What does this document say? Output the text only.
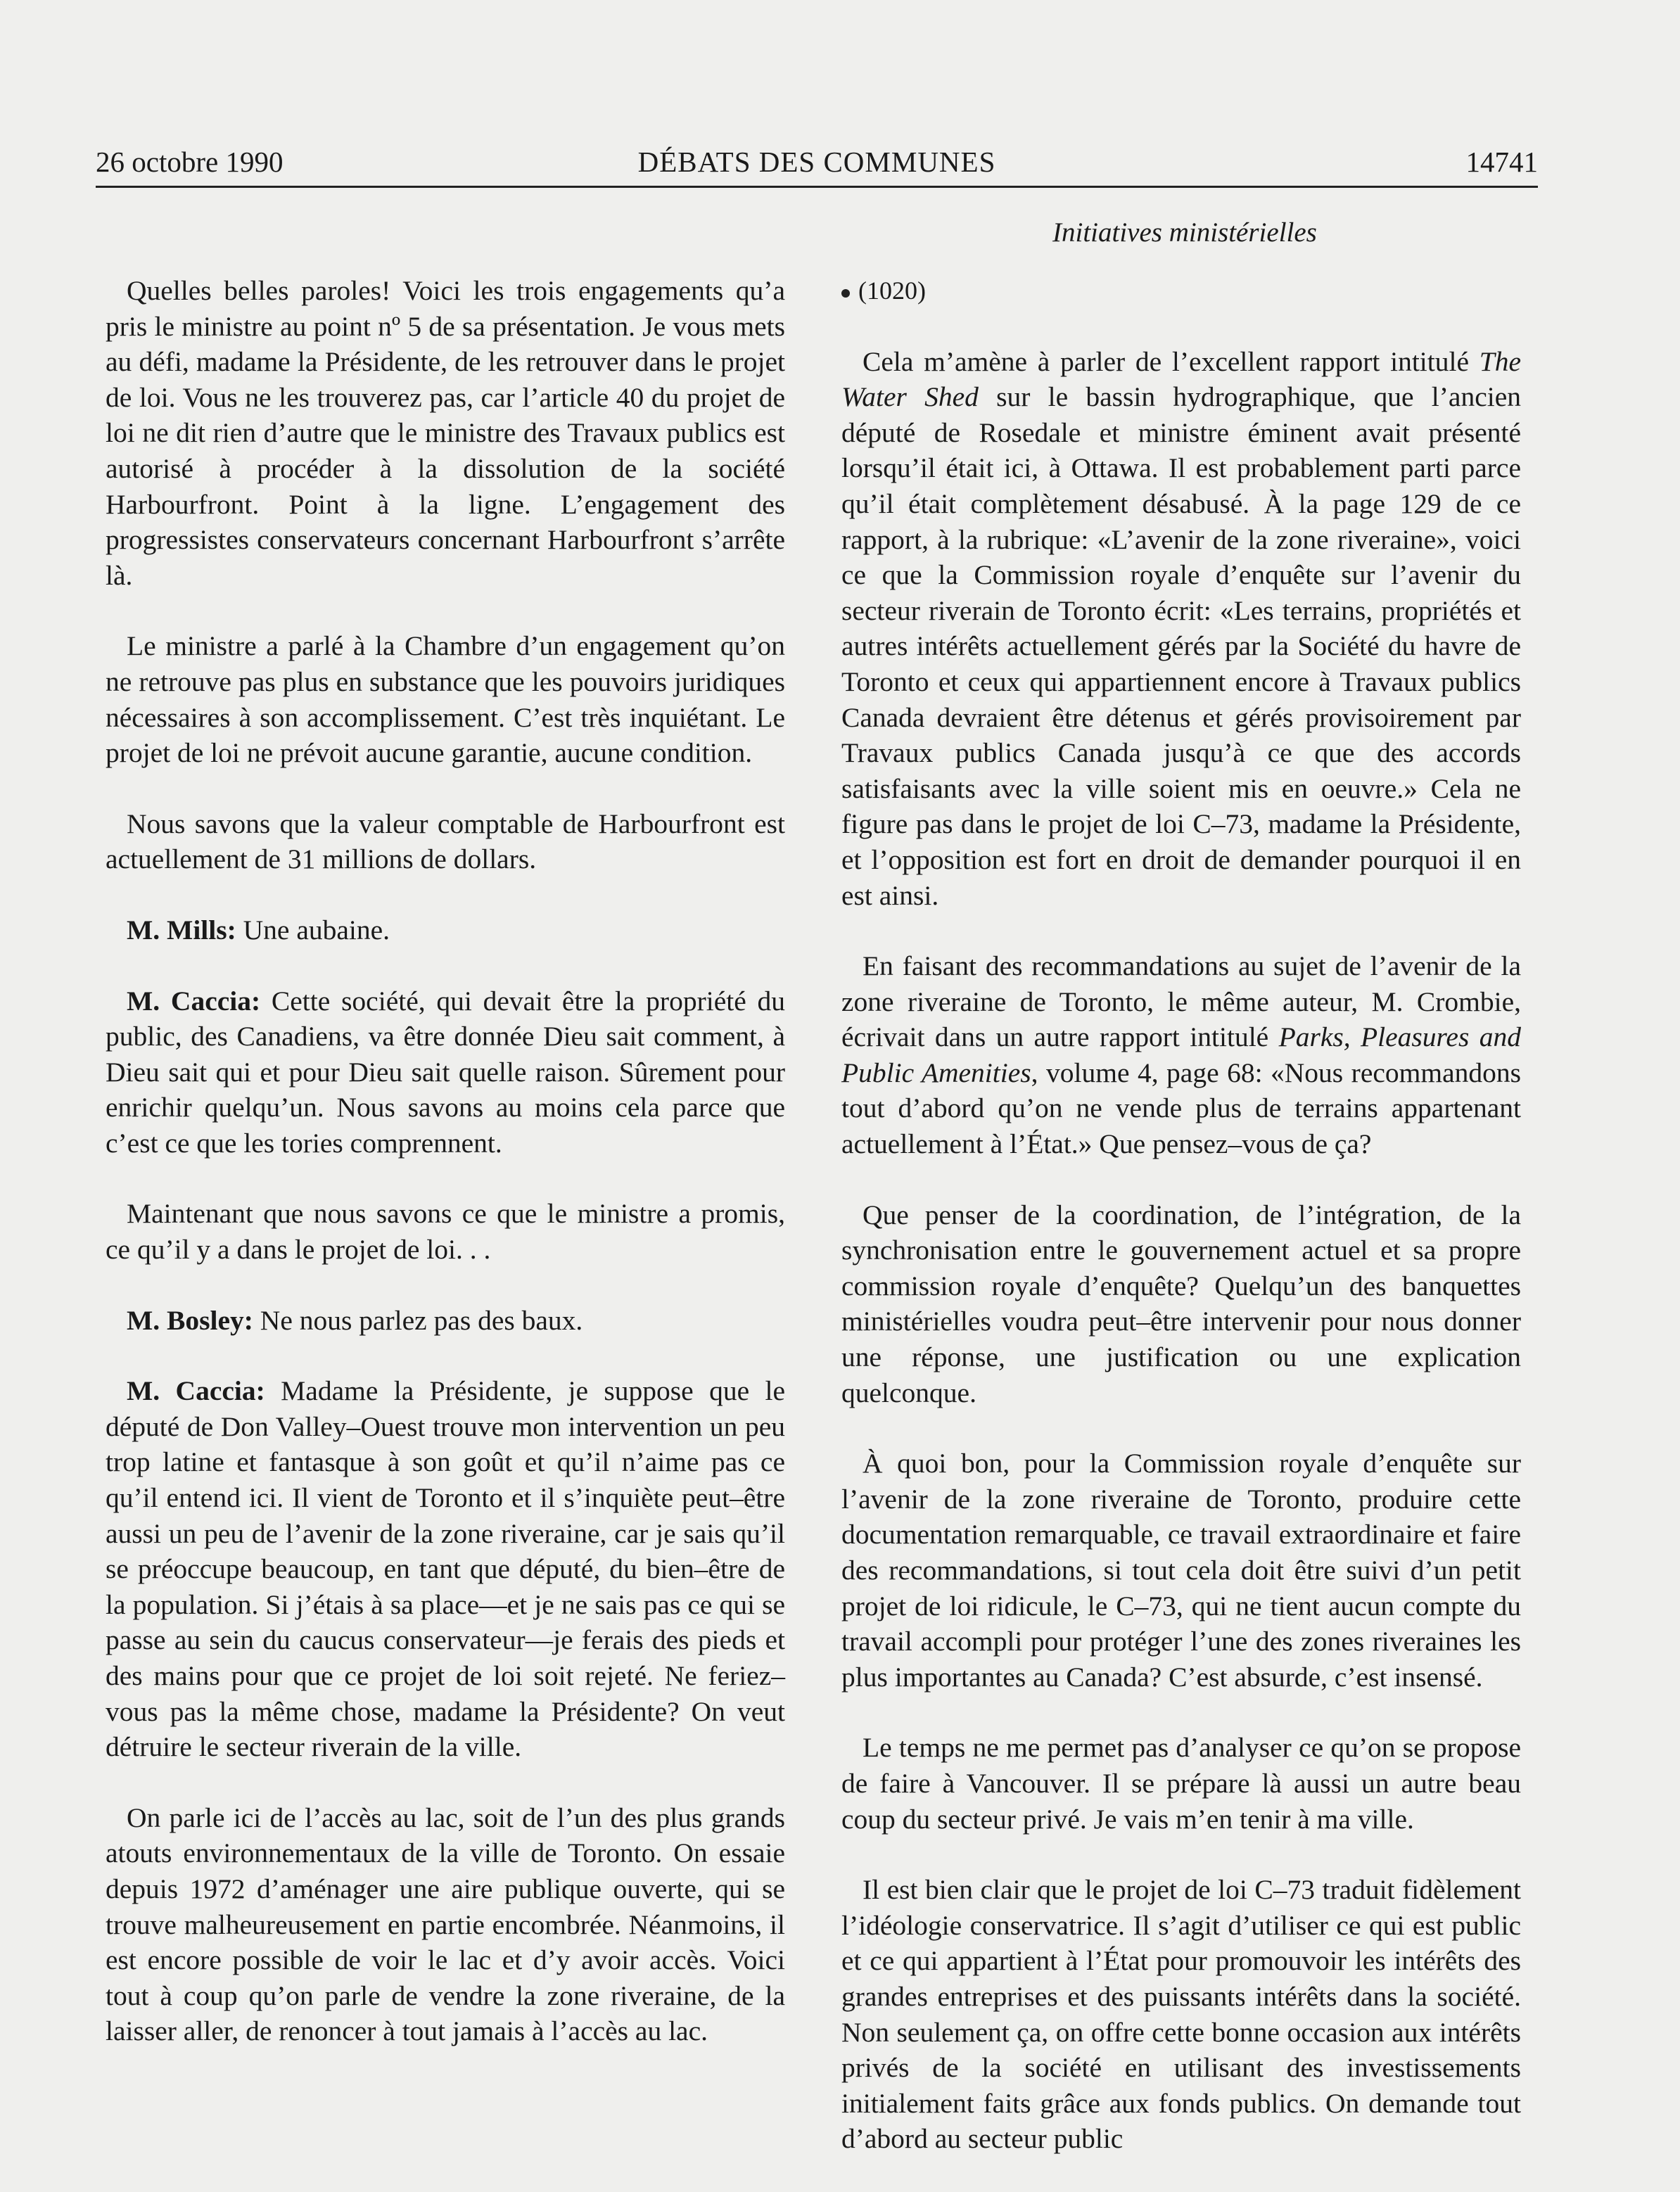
26 octobre 1990	DÉBATS DES COMMUNES	14741
Initiatives ministérielles

Quelles belles paroles! Voici les trois engagements qu’a pris le ministre au point nº 5 de sa présentation. Je vous mets au défi, madame la Présidente, de les retrouver dans le projet de loi. Vous ne les trouverez pas, car l’article 40 du projet de loi ne dit rien d’autre que le ministre des Travaux publics est autorisé à procéder à la dissolution de la société Harbourfront. Point à la ligne. L’engagement des progressistes conservateurs concernant Harbourfront s’arrête là.

Le ministre a parlé à la Chambre d’un engagement qu’on ne retrouve pas plus en substance que les pouvoirs juridiques nécessaires à son accomplissement. C’est très inquiétant. Le projet de loi ne prévoit aucune garantie, aucune condition.

Nous savons que la valeur comptable de Harbourfront est actuellement de 31 millions de dollars.

M. Mills: Une aubaine.

M. Caccia: Cette société, qui devait être la propriété du public, des Canadiens, va être donnée Dieu sait comment, à Dieu sait qui et pour Dieu sait quelle raison. Sûrement pour enrichir quelqu’un. Nous savons au moins cela parce que c’est ce que les tories comprennent.

Maintenant que nous savons ce que le ministre a promis, ce qu’il y a dans le projet de loi. . .

M. Bosley: Ne nous parlez pas des baux.

M. Caccia: Madame la Présidente, je suppose que le député de Don Valley–Ouest trouve mon intervention un peu trop latine et fantasque à son goût et qu’il n’aime pas ce qu’il entend ici. Il vient de Toronto et il s’inquiète peut–être aussi un peu de l’avenir de la zone riveraine, car je sais qu’il se préoccupe beaucoup, en tant que député, du bien–être de la population. Si j’étais à sa place—et je ne sais pas ce qui se passe au sein du caucus conservateur—je ferais des pieds et des mains pour que ce projet de loi soit rejeté. Ne feriez–vous pas la même chose, madame la Présidente? On veut détruire le secteur riverain de la ville.

On parle ici de l’accès au lac, soit de l’un des plus grands atouts environnementaux de la ville de Toronto. On essaie depuis 1972 d’aménager une aire publique ouverte, qui se trouve malheureusement en partie encombrée. Néanmoins, il est encore possible de voir le lac et d’y avoir accès. Voici tout à coup qu’on parle de vendre la zone riveraine, de la laisser aller, de renoncer à tout jamais à l’accès au lac.

(1020)

Cela m’amène à parler de l’excellent rapport intitulé The Water Shed sur le bassin hydrographique, que l’ancien député de Rosedale et ministre éminent avait présenté lorsqu’il était ici, à Ottawa. Il est probablement parti parce qu’il était complètement désabusé. À la page 129 de ce rapport, à la rubrique: «L’avenir de la zone riveraine», voici ce que la Commission royale d’enquête sur l’avenir du secteur riverain de Toronto écrit: «Les terrains, propriétés et autres intérêts actuellement gérés par la Société du havre de Toronto et ceux qui appartiennent encore à Travaux publics Canada devraient être détenus et gérés provisoirement par Travaux publics Canada jusqu’à ce que des accords satisfaisants avec la ville soient mis en oeuvre.» Cela ne figure pas dans le projet de loi C–73, madame la Présidente, et l’opposition est fort en droit de demander pourquoi il en est ainsi.

En faisant des recommandations au sujet de l’avenir de la zone riveraine de Toronto, le même auteur, M. Crombie, écrivait dans un autre rapport intitulé Parks, Pleasures and Public Amenities, volume 4, page 68: «Nous recommandons tout d’abord qu’on ne vende plus de terrains appartenant actuellement à l’État.» Que pensez–vous de ça?

Que penser de la coordination, de l’intégration, de la synchronisation entre le gouvernement actuel et sa propre commission royale d’enquête? Quelqu’un des banquettes ministérielles voudra peut–être intervenir pour nous donner une réponse, une justification ou une explication quelconque.

À quoi bon, pour la Commission royale d’enquête sur l’avenir de la zone riveraine de Toronto, produire cette documentation remarquable, ce travail extraordinaire et faire des recommandations, si tout cela doit être suivi d’un petit projet de loi ridicule, le C–73, qui ne tient aucun compte du travail accompli pour protéger l’une des zones riveraines les plus importantes au Canada? C’est absurde, c’est insensé.

Le temps ne me permet pas d’analyser ce qu’on se propose de faire à Vancouver. Il se prépare là aussi un autre beau coup du secteur privé. Je vais m’en tenir à ma ville.

Il est bien clair que le projet de loi C–73 traduit fidèlement l’idéologie conservatrice. Il s’agit d’utiliser ce qui est public et ce qui appartient à l’État pour promouvoir les intérêts des grandes entreprises et des puissants intérêts dans la société. Non seulement ça, on offre cette bonne occasion aux intérêts privés de la société en utilisant des investissements initialement faits grâce aux fonds publics. On demande tout d’abord au secteur public
